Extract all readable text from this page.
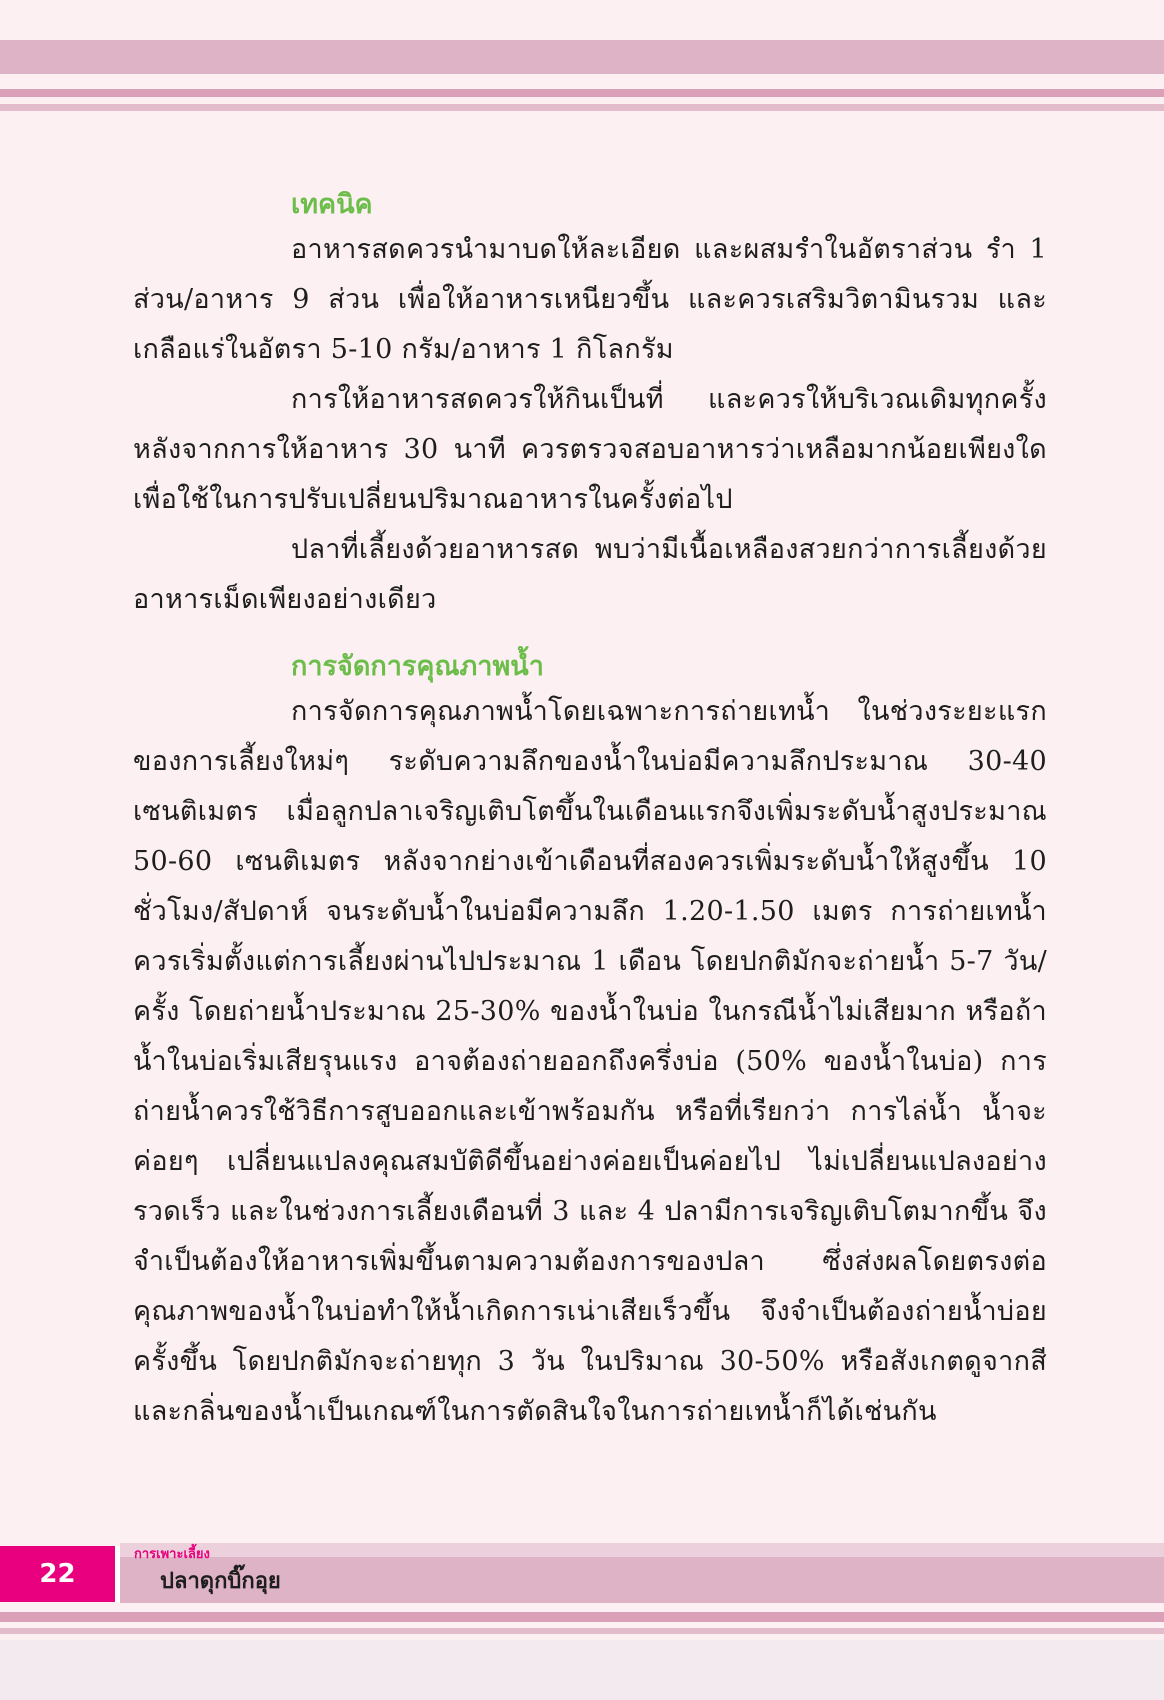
เทคนิค

อาหารสดควรนำมาบดให้ละเอียด และผสมรำในอัตราส่วน รำ 1 ส่วน/อาหาร 9 ส่วน เพื่อให้อาหารเหนียวขึ้น และควรเสริมวิตามินรวม และเกลือแร่ในอัตรา 5-10 กรัม/อาหาร 1 กิโลกรัม

การให้อาหารสดควรให้กินเป็นที่ และควรให้บริเวณเดิมทุกครั้ง หลังจากการให้อาหาร 30 นาที ควรตรวจสอบอาหารว่าเหลือมากน้อยเพียงใด เพื่อใช้ในการปรับเปลี่ยนปริมาณอาหารในครั้งต่อไป

ปลาที่เลี้ยงด้วยอาหารสด พบว่ามีเนื้อเหลืองสวยกว่าการเลี้ยงด้วยอาหารเม็ดเพียงอย่างเดียว

การจัดการคุณภาพน้ำ

การจัดการคุณภาพน้ำโดยเฉพาะการถ่ายเทน้ำ ในช่วงระยะแรกของการเลี้ยงใหม่ๆ ระดับความลึกของน้ำในบ่อมีความลึกประมาณ 30-40 เซนติเมตร เมื่อลูกปลาเจริญเติบโตขึ้นในเดือนแรกจึงเพิ่มระดับน้ำสูงประมาณ 50-60 เซนติเมตร หลังจากย่างเข้าเดือนที่สองควรเพิ่มระดับน้ำให้สูงขึ้น 10 ชั่วโมง/สัปดาห์ จนระดับน้ำในบ่อมีความลึก 1.20-1.50 เมตร การถ่ายเทน้ำควรเริ่มตั้งแต่การเลี้ยงผ่านไปประมาณ 1 เดือน โดยปกติมักจะถ่ายน้ำ 5-7 วัน/ครั้ง โดยถ่ายน้ำประมาณ 25-30% ของน้ำในบ่อ ในกรณีน้ำไม่เสียมาก หรือถ้าน้ำในบ่อเริ่มเสียรุนแรง อาจต้องถ่ายออกถึงครึ่งบ่อ (50% ของน้ำในบ่อ) การถ่ายน้ำควรใช้วิธีการสูบออกและเข้าพร้อมกัน หรือที่เรียกว่า การไล่น้ำ น้ำจะค่อยๆ เปลี่ยนแปลงคุณสมบัติดีขึ้นอย่างค่อยเป็นค่อยไป ไม่เปลี่ยนแปลงอย่างรวดเร็ว และในช่วงการเลี้ยงเดือนที่ 3 และ 4 ปลามีการเจริญเติบโตมากขึ้น จึงจำเป็นต้องให้อาหารเพิ่มขึ้นตามความต้องการของปลา ซึ่งส่งผลโดยตรงต่อคุณภาพของน้ำในบ่อทำให้น้ำเกิดการเน่าเสียเร็วขึ้น จึงจำเป็นต้องถ่ายน้ำบ่อยครั้งขึ้น โดยปกติมักจะถ่ายทุก 3 วัน ในปริมาณ 30-50% หรือสังเกตดูจากสีและกลิ่นของน้ำเป็นเกณฑ์ในการตัดสินใจในการถ่ายเทน้ำก็ได้เช่นกัน

22
การเพาะเลี้ยง
ปลาดุกบิ๊กอุย
